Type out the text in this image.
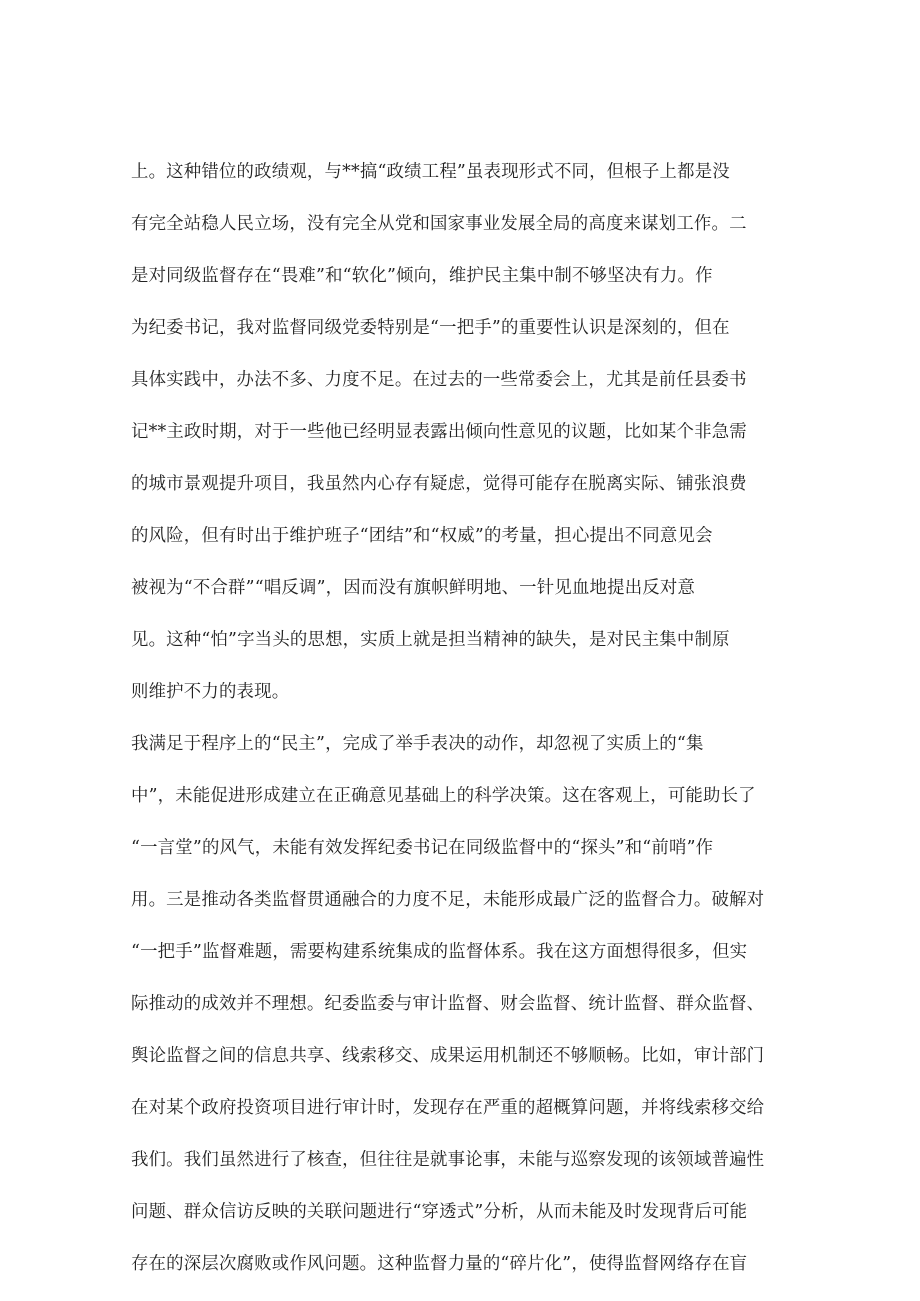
上。这种错位的政绩观，与**搞“政绩工程”虽表现形式不同，但根子上都是没
有完全站稳人民立场，没有完全从党和国家事业发展全局的高度来谋划工作。二
是对同级监督存在“畏难”和“软化”倾向，维护民主集中制不够坚决有力。作
为纪委书记，我对监督同级党委特别是“一把手”的重要性认识是深刻的，但在
具体实践中，办法不多、力度不足。在过去的一些常委会上，尤其是前任县委书
记**主政时期，对于一些他已经明显表露出倾向性意见的议题，比如某个非急需
的城市景观提升项目，我虽然内心存有疑虑，觉得可能存在脱离实际、铺张浪费
的风险，但有时出于维护班子“团结”和“权威”的考量，担心提出不同意见会
被视为“不合群”“唱反调”，因而没有旗帜鲜明地、一针见血地提出反对意
见。这种“怕”字当头的思想，实质上就是担当精神的缺失，是对民主集中制原
则维护不力的表现。
我满足于程序上的“民主”，完成了举手表决的动作，却忽视了实质上的“集
中”，未能促进形成建立在正确意见基础上的科学决策。这在客观上，可能助长了
“一言堂”的风气，未能有效发挥纪委书记在同级监督中的“探头”和“前哨”作
用。三是推动各类监督贯通融合的力度不足，未能形成最广泛的监督合力。破解对
“一把手”监督难题，需要构建系统集成的监督体系。我在这方面想得很多，但实
际推动的成效并不理想。纪委监委与审计监督、财会监督、统计监督、群众监督、
舆论监督之间的信息共享、线索移交、成果运用机制还不够顺畅。比如，审计部门
在对某个政府投资项目进行审计时，发现存在严重的超概算问题，并将线索移交给
我们。我们虽然进行了核查，但往往是就事论事，未能与巡察发现的该领域普遍性
问题、群众信访反映的关联问题进行“穿透式”分析，从而未能及时发现背后可能
存在的深层次腐败或作风问题。这种监督力量的“碎片化”，使得监督网络存在盲
